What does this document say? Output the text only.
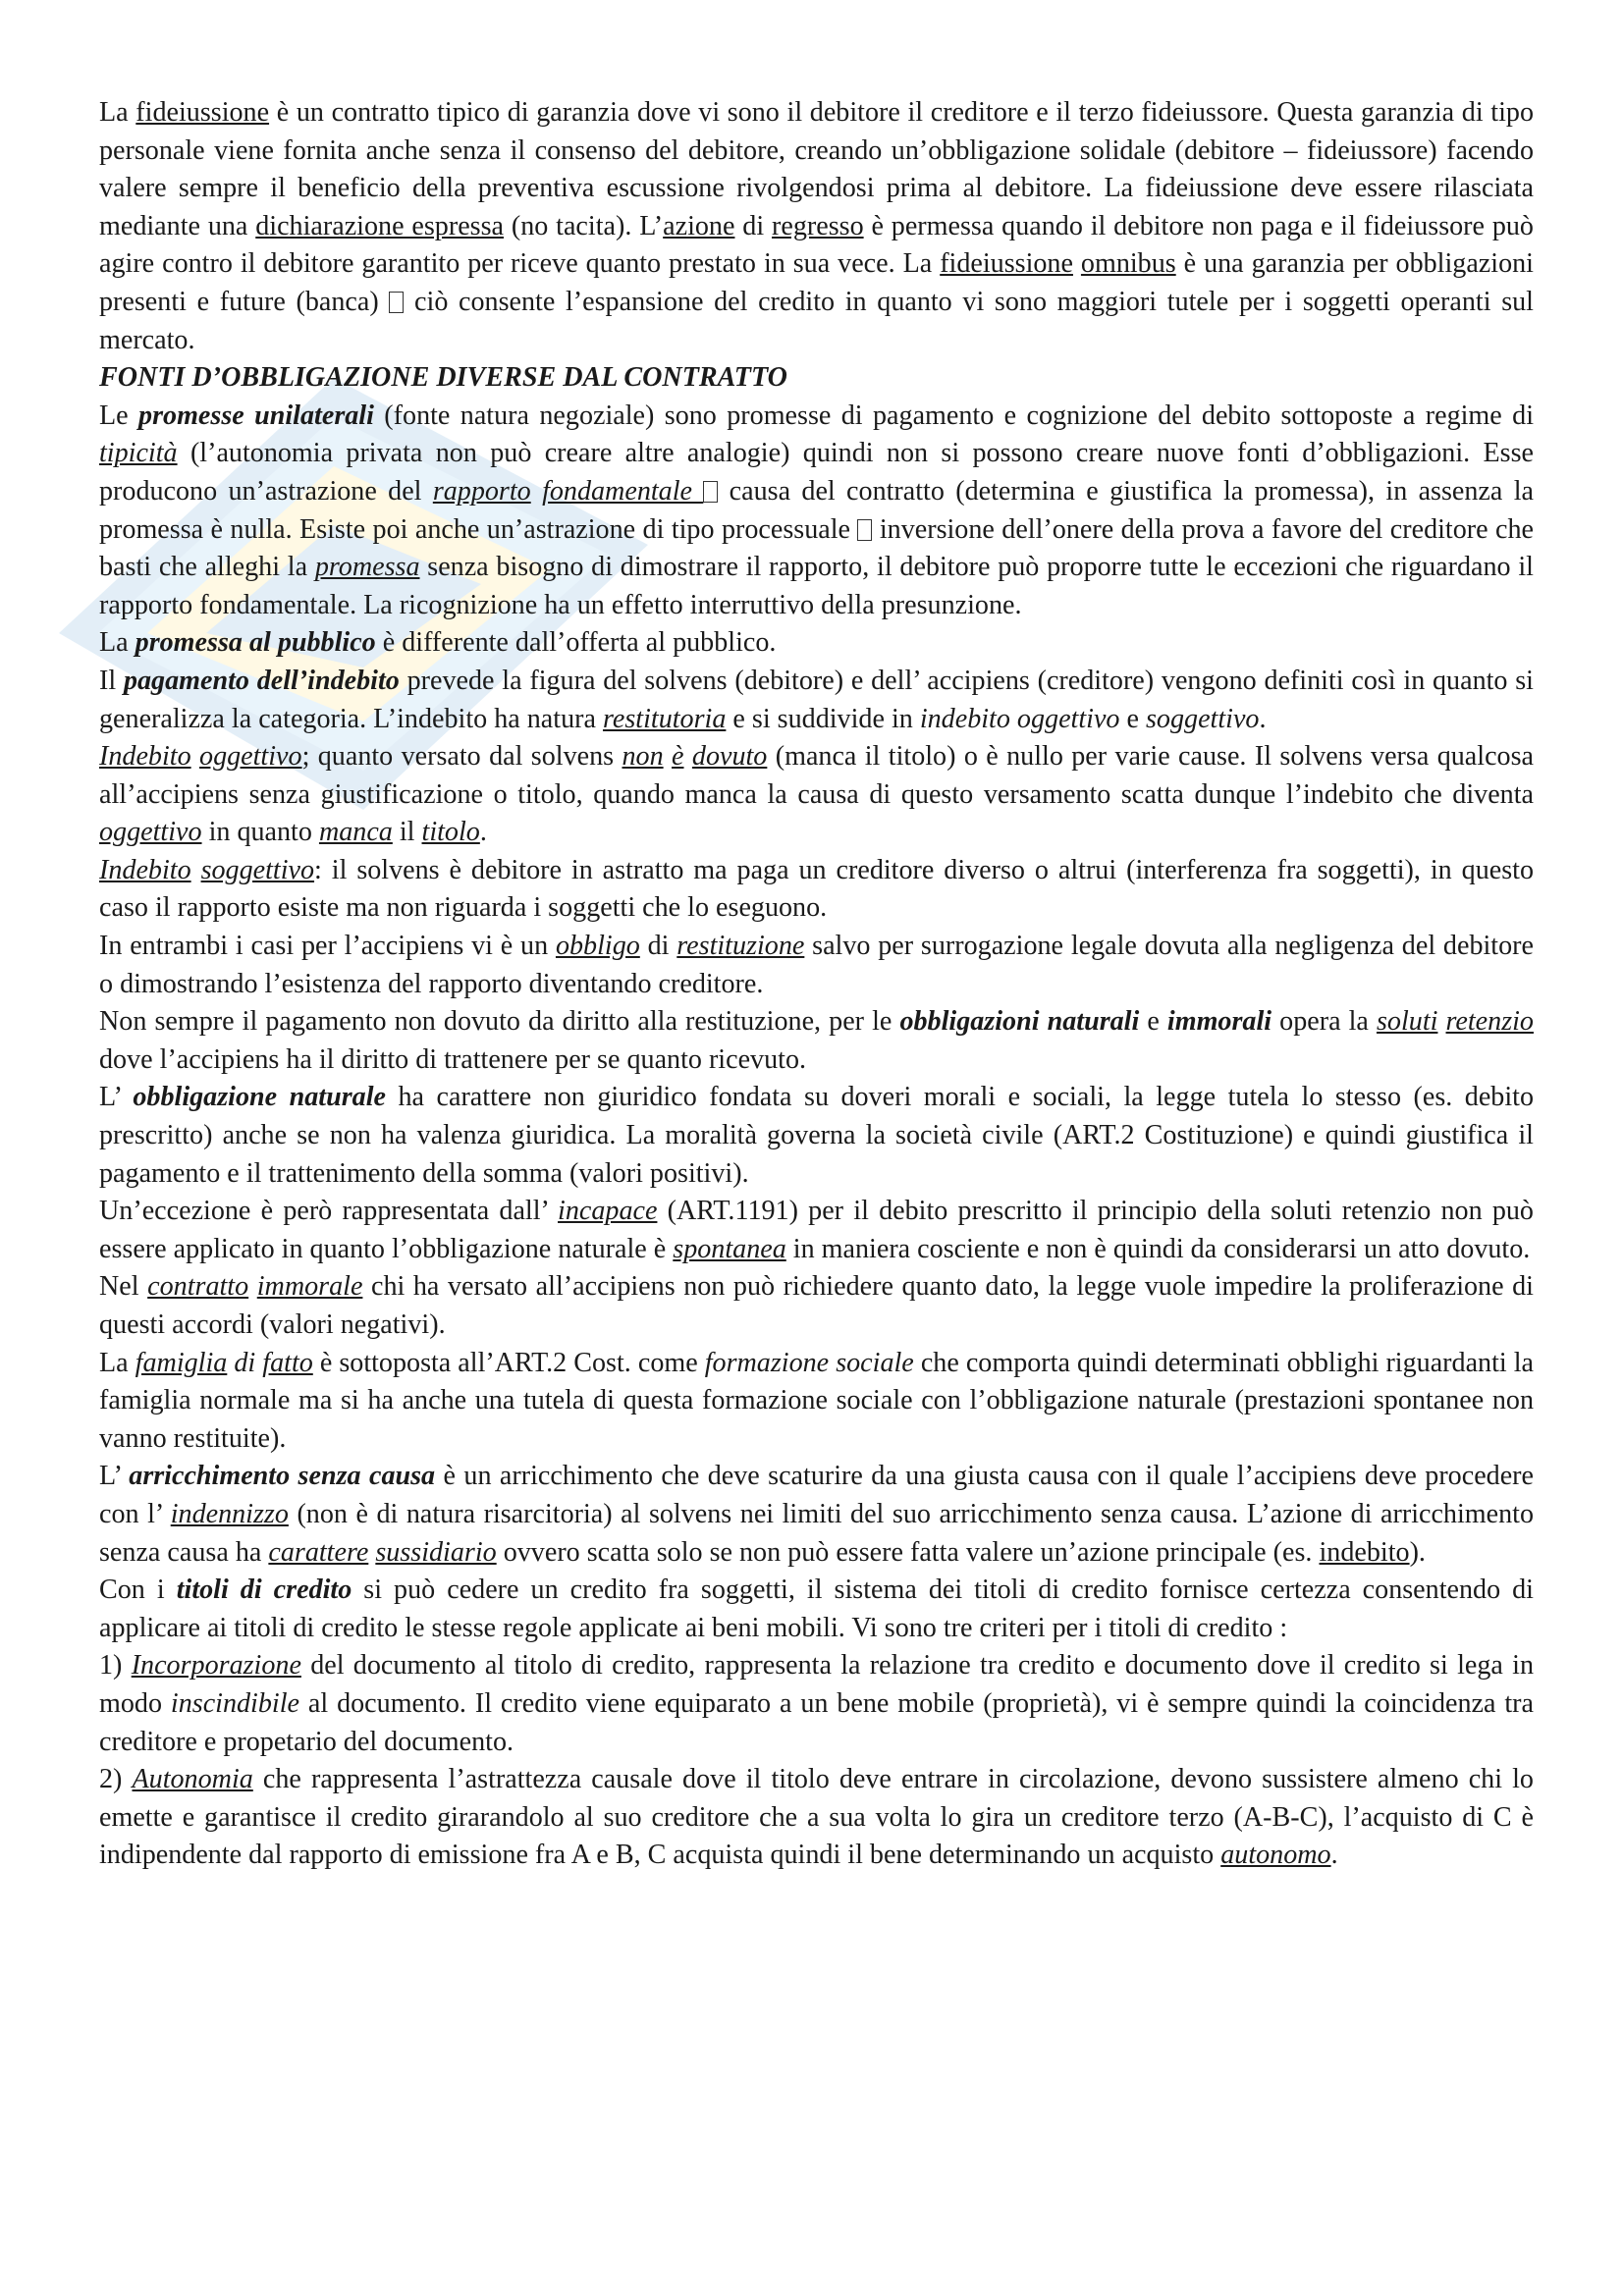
La fideiussione è un contratto tipico di garanzia dove vi sono il debitore il creditore e il terzo fideiussore. Questa garanzia di tipo personale viene fornita anche senza il consenso del debitore, creando un’obbligazione solidale (debitore – fideiussore) facendo valere sempre il beneficio della preventiva escussione rivolgendosi prima al debitore. La fideiussione deve essere rilasciata mediante una dichiarazione espressa (no tacita). L’azione di regresso è permessa quando il debitore non paga e il fideiussore può agire contro il debitore garantito per riceve quanto prestato in sua vece. La fideiussione omnibus è una garanzia per obbligazioni presenti e future (banca)  ciò consente l’espansione del credito in quanto vi sono maggiori tutele per i soggetti operanti sul mercato.

FONTI D’OBBLIGAZIONE DIVERSE DAL CONTRATTO

Le promesse unilaterali (fonte natura negoziale) sono promesse di pagamento e cognizione del debito sottoposte a regime di tipicità (l’autonomia privata non può creare altre analogie) quindi non si possono creare nuove fonti d’obbligazioni. Esse producono un’astrazione del rapporto fondamentale  causa del contratto (determina e giustifica la promessa), in assenza la promessa è nulla. Esiste poi anche un’astrazione di tipo processuale  inversione dell’onere della prova a favore del creditore che basti che alleghi la promessa senza bisogno di dimostrare il rapporto, il debitore può proporre tutte le eccezioni che riguardano il rapporto fondamentale. La ricognizione ha un effetto interruttivo della presunzione.

La promessa al pubblico è differente dall’offerta al pubblico.

Il pagamento dell’indebito prevede la figura del solvens (debitore) e dell’ accipiens (creditore) vengono definiti così in quanto si generalizza la categoria. L’indebito ha natura restitutoria e si suddivide in indebito oggettivo e soggettivo.

Indebito oggettivo; quanto versato dal solvens non è dovuto (manca il titolo) o è nullo per varie cause. Il solvens versa qualcosa all’accipiens senza giustificazione o titolo, quando manca la causa di questo versamento scatta dunque l’indebito che diventa oggettivo in quanto manca il titolo.

Indebito soggettivo: il solvens è debitore in astratto ma paga un creditore diverso o altrui (interferenza fra soggetti), in questo caso il rapporto esiste ma non riguarda i soggetti che lo eseguono.

In entrambi i casi per l’accipiens vi è un obbligo di restituzione salvo per surrogazione legale dovuta alla negligenza del debitore o dimostrando l’esistenza del rapporto diventando creditore.

Non sempre il pagamento non dovuto da diritto alla restituzione, per le obbligazioni naturali e immorali opera la soluti retenzio dove l’accipiens ha il diritto di trattenere per se quanto ricevuto.

L’ obbligazione naturale ha carattere non giuridico fondata su doveri morali e sociali, la legge tutela lo stesso (es. debito prescritto) anche se non ha valenza giuridica. La moralità governa la società civile (ART.2 Costituzione) e quindi giustifica il pagamento e il trattenimento della somma (valori positivi).

Un’eccezione è però rappresentata dall’ incapace (ART.1191) per il debito prescritto il principio della soluti retenzio non può essere applicato in quanto l’obbligazione naturale è spontanea in maniera cosciente e non è quindi da considerarsi un atto dovuto.

Nel contratto immorale chi ha versato all’accipiens non può richiedere quanto dato, la legge vuole impedire la proliferazione di questi accordi (valori negativi).

La famiglia di fatto è sottoposta all’ART.2 Cost. come formazione sociale che comporta quindi determinati obblighi riguardanti la famiglia normale ma si ha anche una tutela di questa formazione sociale con l’obbligazione naturale (prestazioni spontanee non vanno restituite).

L’ arricchimento senza causa è un arricchimento che deve scaturire da una giusta causa con il quale l’accipiens deve procedere con l’ indennizzo (non è di natura risarcitoria) al solvens nei limiti del suo arricchimento senza causa. L’azione di arricchimento senza causa ha carattere sussidiario ovvero scatta solo se non può essere fatta valere un’azione principale (es. indebito).

Con i titoli di credito si può cedere un credito fra soggetti, il sistema dei titoli di credito fornisce certezza consentendo di applicare ai titoli di credito le stesse regole applicate ai beni mobili. Vi sono tre criteri per i titoli di credito :

1) Incorporazione del documento al titolo di credito, rappresenta la relazione tra credito e documento dove il credito si lega in modo inscindibile al documento. Il credito viene equiparato a un bene mobile (proprietà), vi è sempre quindi la coincidenza tra creditore e propetario del documento.

2) Autonomia che rappresenta l’astrattezza causale dove il titolo deve entrare in circolazione, devono sussistere almeno chi lo emette e garantisce il credito girarandolo al suo creditore che a sua volta lo gira un creditore terzo (A-B-C), l’acquisto di C è indipendente dal rapporto di emissione fra A e B, C acquista quindi il bene determinando un acquisto autonomo.
